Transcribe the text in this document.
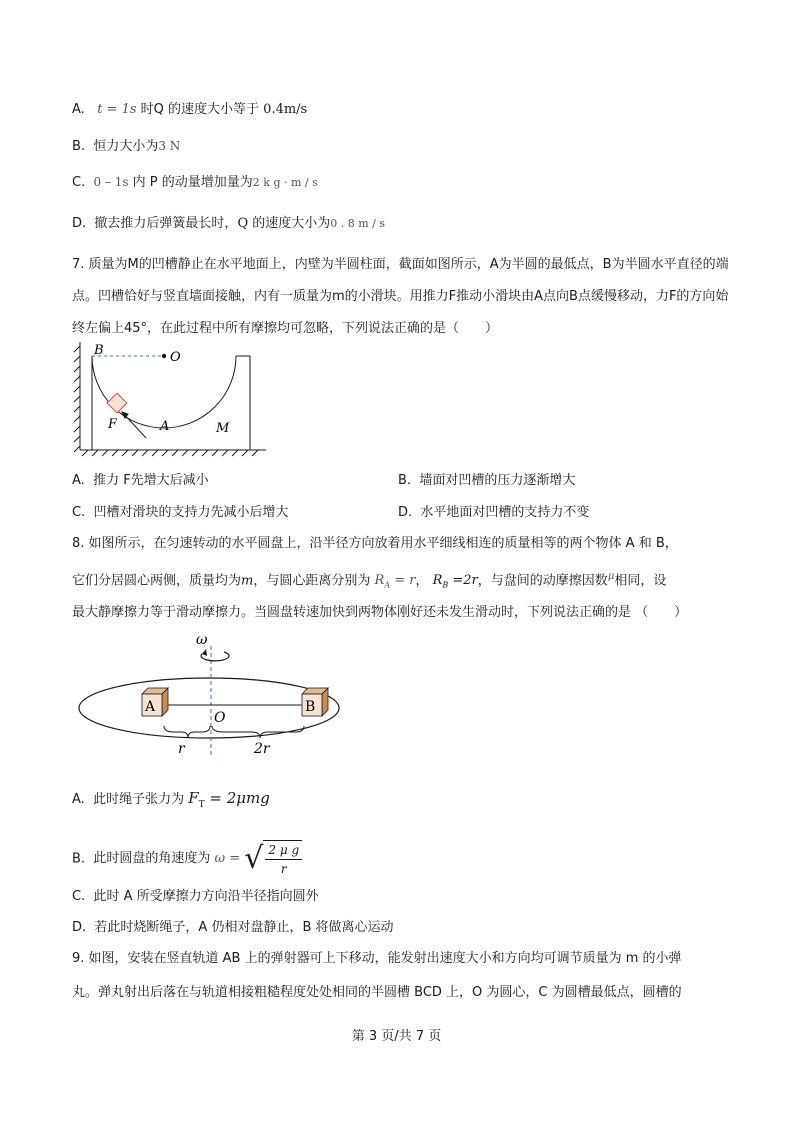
A. t = 1s 时Q 的速度大小等于 0.4m/s
B. 恒力大小为3 N
C. 0 – 1s 内 P 的动量增加量为2 k g · m / s
D. 撤去推力后弹簧最长时，Q 的速度大小为0 . 8 m / s
7. 质量为M的凹槽静止在水平地面上，内壁为半圆柱面，截面如图所示，A为半圆的最低点，B为半圆水平直径的端点。凹槽恰好与竖直墙面接触，内有一质量为m的小滑块。用推力F推动小滑块由A点向B点缓慢移动，力F的方向始终左偏上45°，在此过程中所有摩擦均可忽略，下列说法正确的是（　　）
B	O
A
F	M
A. 推力 F先增大后减小	B. 墙面对凹槽的压力逐渐增大
C. 凹槽对滑块的支持力先减小后增大	D. 水平地面对凹槽的支持力不变
8. 如图所示，在匀速转动的水平圆盘上，沿半径方向放着用水平细线相连的质量相等的两个物体 A 和 B，
它们分居圆心两侧，质量均为m，与圆心距离分别为 $R_A = r$， $R_B =2r$，与盘间的动摩擦因数$^\mu$相同，设
最大静摩擦力等于滑动摩擦力。当圆盘转速加快到两物体刚好还未发生滑动时，下列说法正确的是 （　　）
ω
A	B
O
r	2r
A. 此时绳子张力为 $F_T = 2\mu mg$
B. 此时圆盘的角速度为 ω = √ $\frac{\text{2 μ g}}{r}$
C. 此时 A 所受摩擦力方向沿半径指向圆外
D. 若此时烧断绳子，A 仍相对盘静止，B 将做离心运动
9. 如图，安装在竖直轨道 AB 上的弹射器可上下移动，能发射出速度大小和方向均可调节质量为 m 的小弹
丸。弹丸射出后落在与轨道相接粗糙程度处处相同的半圆槽 BCD 上，O 为圆心，C 为圆槽最低点，圆槽的
第 3 页/共 7 页
